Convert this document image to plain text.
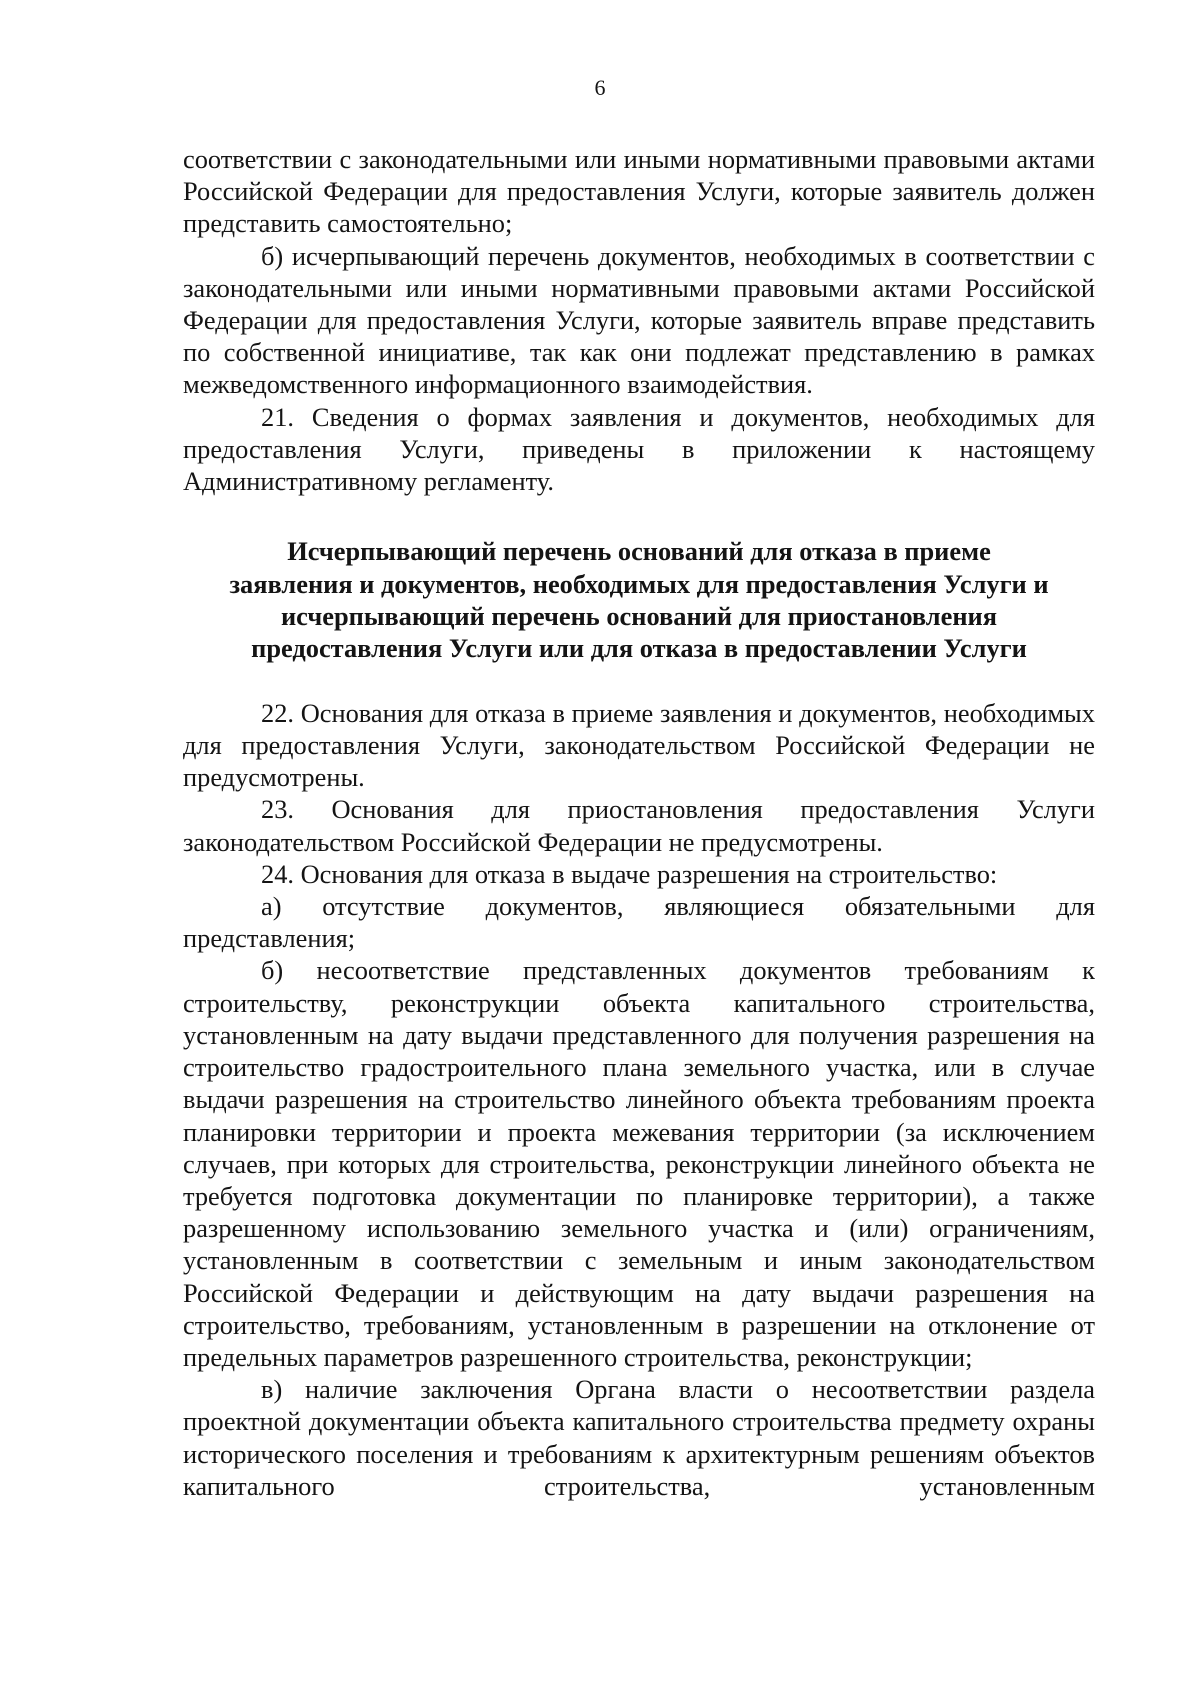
6

соответствии с законодательными или иными нормативными правовыми актами Российской Федерации для предоставления Услуги, которые заявитель должен представить самостоятельно;

б) исчерпывающий перечень документов, необходимых в соответствии с законодательными или иными нормативными правовыми актами Российской Федерации для предоставления Услуги, которые заявитель вправе представить по собственной инициативе, так как они подлежат представлению в рамках межведомственного информационного взаимодействия.

21. Сведения о формах заявления и документов, необходимых для предоставления Услуги, приведены в приложении к настоящему Административному регламенту.

Исчерпывающий перечень оснований для отказа в приеме
заявления и документов, необходимых для предоставления Услуги и
исчерпывающий перечень оснований для приостановления
предоставления Услуги или для отказа в предоставлении Услуги

22. Основания для отказа в приеме заявления и документов, необходимых для предоставления Услуги, законодательством Российской Федерации не предусмотрены.

23. Основания для приостановления предоставления Услуги законодательством Российской Федерации не предусмотрены.

24. Основания для отказа в выдаче разрешения на строительство:

а) отсутствие документов, являющиеся обязательными для представления;

б) несоответствие представленных документов требованиям к строительству, реконструкции объекта капитального строительства, установленным на дату выдачи представленного для получения разрешения на строительство градостроительного плана земельного участка, или в случае выдачи разрешения на строительство линейного объекта требованиям проекта планировки территории и проекта межевания территории (за исключением случаев, при которых для строительства, реконструкции линейного объекта не требуется подготовка документации по планировке территории), а также разрешенному использованию земельного участка и (или) ограничениям, установленным в соответствии с земельным и иным законодательством Российской Федерации и действующим на дату выдачи разрешения на строительство, требованиям, установленным в разрешении на отклонение от предельных параметров разрешенного строительства, реконструкции;

в) наличие заключения Органа власти о несоответствии раздела проектной документации объекта капитального строительства предмету охраны исторического поселения и требованиям к архитектурным решениям объектов капитального строительства, установленным
